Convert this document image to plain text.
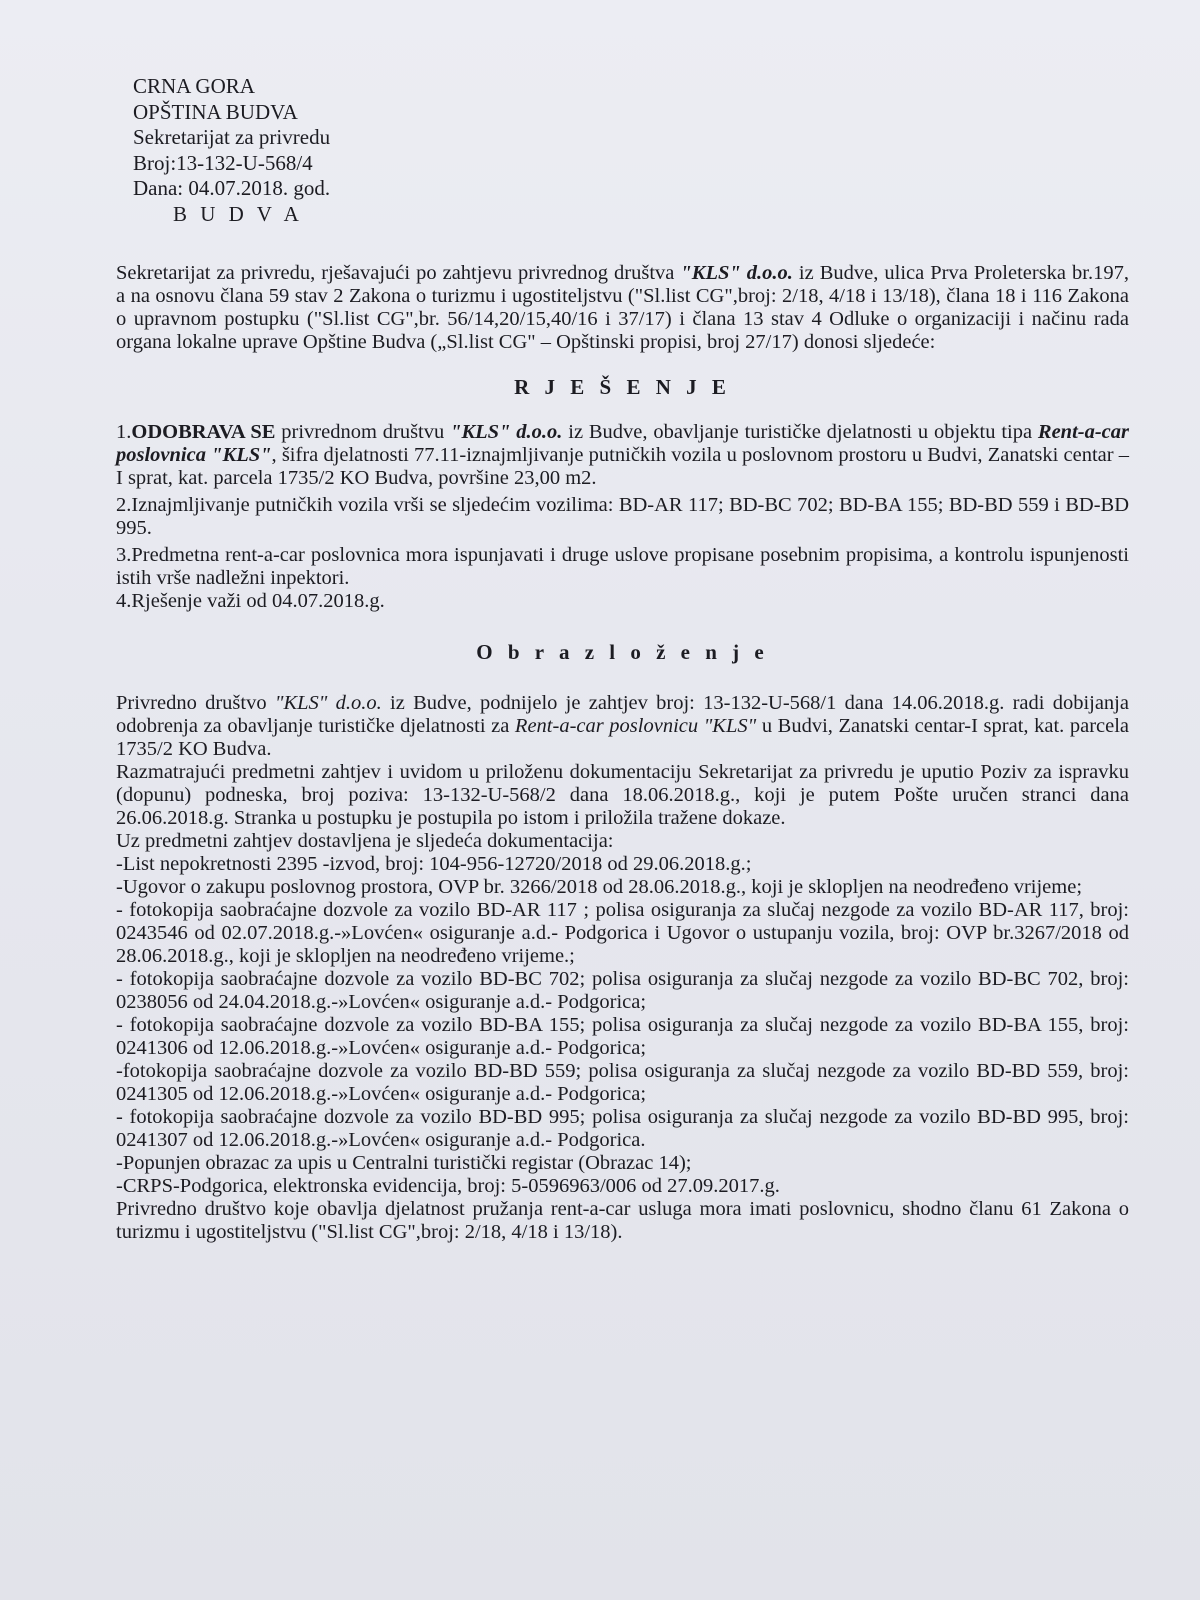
CRNA GORA
OPŠTINA BUDVA
Sekretarijat za privredu
Broj:13-132-U-568/4
Dana: 04.07.2018. god.
B U D V A

Sekretarijat za privredu, rješavajući po zahtjevu privrednog društva "KLS" d.o.o. iz Budve, ulica Prva Proleterska br.197, a na osnovu člana 59 stav 2 Zakona o turizmu i ugostiteljstvu ("Sl.list CG",broj: 2/18, 4/18 i 13/18), člana 18 i 116 Zakona o upravnom postupku ("Sl.list CG",br. 56/14,20/15,40/16 i 37/17) i člana 13 stav 4 Odluke o organizaciji i načinu rada organa lokalne uprave Opštine Budva („Sl.list CG" – Opštinski propisi, broj 27/17) donosi sljedeće:

R J E Š E N J E

1.ODOBRAVA SE privrednom društvu "KLS" d.o.o. iz Budve, obavljanje turističke djelatnosti u objektu tipa Rent-a-car poslovnica "KLS", šifra djelatnosti 77.11-iznajmljivanje putničkih vozila u poslovnom prostoru u Budvi, Zanatski centar –I sprat, kat. parcela 1735/2 KO Budva, površine 23,00 m2.

2.Iznajmljivanje putničkih vozila vrši se sljedećim vozilima: BD-AR 117; BD-BC 702; BD-BA 155; BD-BD 559 i BD-BD 995.

3.Predmetna rent-a-car poslovnica mora ispunjavati i druge uslove propisane posebnim propisima, a kontrolu ispunjenosti istih vrše nadležni inpektori.

4.Rješenje važi od 04.07.2018.g.

O b r a z l o ž e n j e

Privredno društvo "KLS" d.o.o. iz Budve, podnijelo je zahtjev broj: 13-132-U-568/1 dana 14.06.2018.g. radi dobijanja odobrenja za obavljanje turističke djelatnosti za Rent-a-car poslovnicu "KLS" u Budvi, Zanatski centar-I sprat, kat. parcela 1735/2 KO Budva.

Razmatrajući predmetni zahtjev i uvidom u priloženu dokumentaciju Sekretarijat za privredu je uputio Poziv za ispravku (dopunu) podneska, broj poziva: 13-132-U-568/2 dana 18.06.2018.g., koji je putem Pošte uručen stranci dana 26.06.2018.g. Stranka u postupku je postupila po istom i priložila tražene dokaze.

Uz predmetni zahtjev dostavljena je sljedeća dokumentacija:

-List nepokretnosti 2395 -izvod, broj: 104-956-12720/2018 od 29.06.2018.g.;

-Ugovor o zakupu poslovnog prostora, OVP br. 3266/2018 od 28.06.2018.g., koji je sklopljen na neodređeno vrijeme;

- fotokopija saobraćajne dozvole za vozilo BD-AR 117 ; polisa osiguranja za slučaj nezgode za vozilo BD-AR 117, broj: 0243546 od 02.07.2018.g.-»Lovćen« osiguranje a.d.- Podgorica i Ugovor o ustupanju vozila, broj: OVP br.3267/2018 od 28.06.2018.g., koji je sklopljen na neodređeno vrijeme.;

- fotokopija saobraćajne dozvole za vozilo BD-BC 702; polisa osiguranja za slučaj nezgode za vozilo BD-BC 702, broj: 0238056 od 24.04.2018.g.-»Lovćen« osiguranje a.d.- Podgorica;

- fotokopija saobraćajne dozvole za vozilo BD-BA 155; polisa osiguranja za slučaj nezgode za vozilo BD-BA 155, broj: 0241306 od 12.06.2018.g.-»Lovćen« osiguranje a.d.- Podgorica;

-fotokopija saobraćajne dozvole za vozilo BD-BD 559; polisa osiguranja za slučaj nezgode za vozilo BD-BD 559, broj: 0241305 od 12.06.2018.g.-»Lovćen« osiguranje a.d.- Podgorica;

- fotokopija saobraćajne dozvole za vozilo BD-BD 995; polisa osiguranja za slučaj nezgode za vozilo BD-BD 995, broj: 0241307 od 12.06.2018.g.-»Lovćen« osiguranje a.d.- Podgorica.

-Popunjen obrazac za upis u Centralni turistički registar (Obrazac 14);

-CRPS-Podgorica, elektronska evidencija, broj: 5-0596963/006 od 27.09.2017.g.

Privredno društvo koje obavlja djelatnost pružanja rent-a-car usluga mora imati poslovnicu, shodno članu 61 Zakona o turizmu i ugostiteljstvu ("Sl.list CG",broj: 2/18, 4/18 i 13/18).
